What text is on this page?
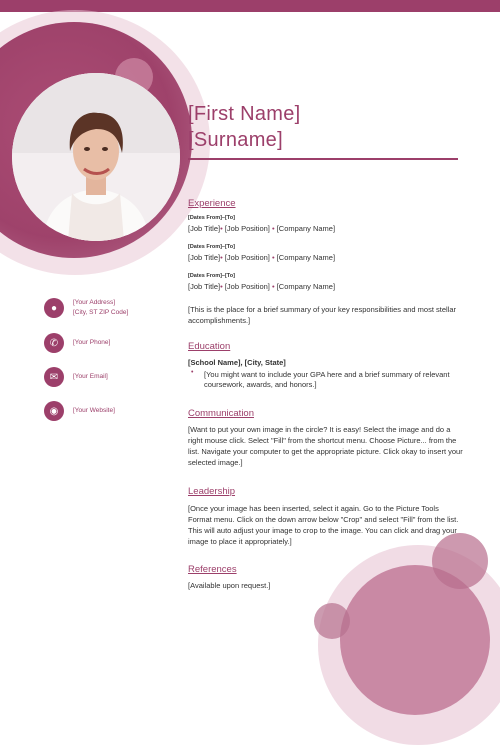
[First Name]
[Surname]
●	[Your Address]
[City, ST ZIP Code]
✆	[Your Phone]
✉	[Your Email]
◉	[Your Website]
Experience
[Dates From]–[To]
[Job Title]• [Job Position] • [Company Name]
[Dates From]–[To]
[Job Title]• [Job Position] • [Company Name]
[Dates From]–[To]
[Job Title]• [Job Position] • [Company Name]
[This is the place for a brief summary of your key responsibilities and most stellar accomplishments.]
Education
[School Name], [City, State]
• [You might want to include your GPA here and a brief summary of relevant coursework, awards, and honors.]
Communication
[Want to put your own image in the circle? It is easy! Select the image and do a right mouse click. Select "Fill" from the shortcut menu. Choose Picture... from the list. Navigate your computer to get the appropriate picture. Click okay to insert your selected image.]
Leadership
[Once your image has been inserted, select it again. Go to the Picture Tools Format menu. Click on the down arrow below "Crop" and select "Fill" from the list. This will auto adjust your image to crop to the image. You can click and drag your image to place it appropriately.]
References
[Available upon request.]
